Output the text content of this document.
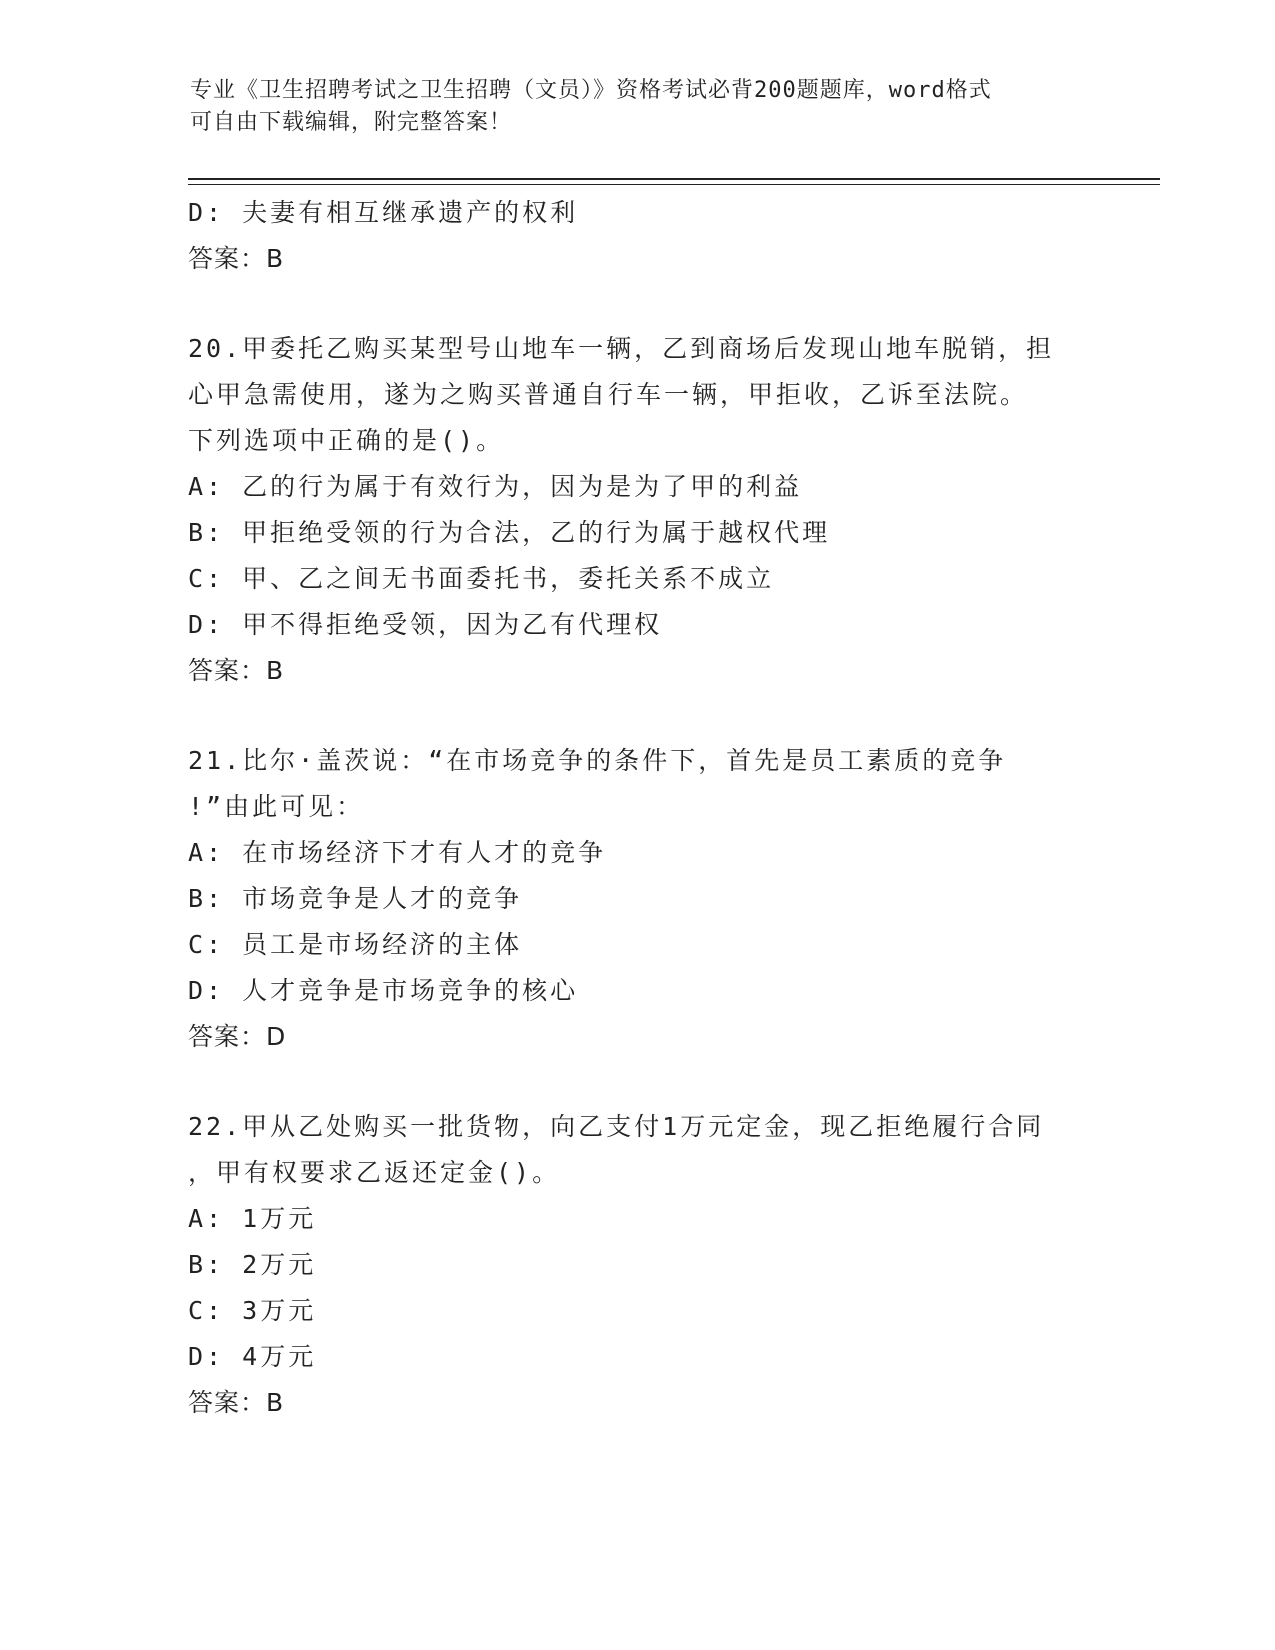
专业《卫生招聘考试之卫生招聘（文员）》资格考试必背200题题库，word格式
可自由下载编辑，附完整答案！
D: 夫妻有相互继承遗产的权利
答案：B
20.甲委托乙购买某型号山地车一辆，乙到商场后发现山地车脱销，担
心甲急需使用，遂为之购买普通自行车一辆，甲拒收，乙诉至法院。
下列选项中正确的是()。
A: 乙的行为属于有效行为，因为是为了甲的利益
B: 甲拒绝受领的行为合法，乙的行为属于越权代理
C: 甲、乙之间无书面委托书，委托关系不成立
D: 甲不得拒绝受领，因为乙有代理权
答案：B
21.比尔·盖茨说：“在市场竞争的条件下，首先是员工素质的竞争
!”由此可见：
A: 在市场经济下才有人才的竞争
B: 市场竞争是人才的竞争
C: 员工是市场经济的主体
D: 人才竞争是市场竞争的核心
答案：D
22.甲从乙处购买一批货物，向乙支付1万元定金，现乙拒绝履行合同
，甲有权要求乙返还定金()。
A: 1万元
B: 2万元
C: 3万元
D: 4万元
答案：B
